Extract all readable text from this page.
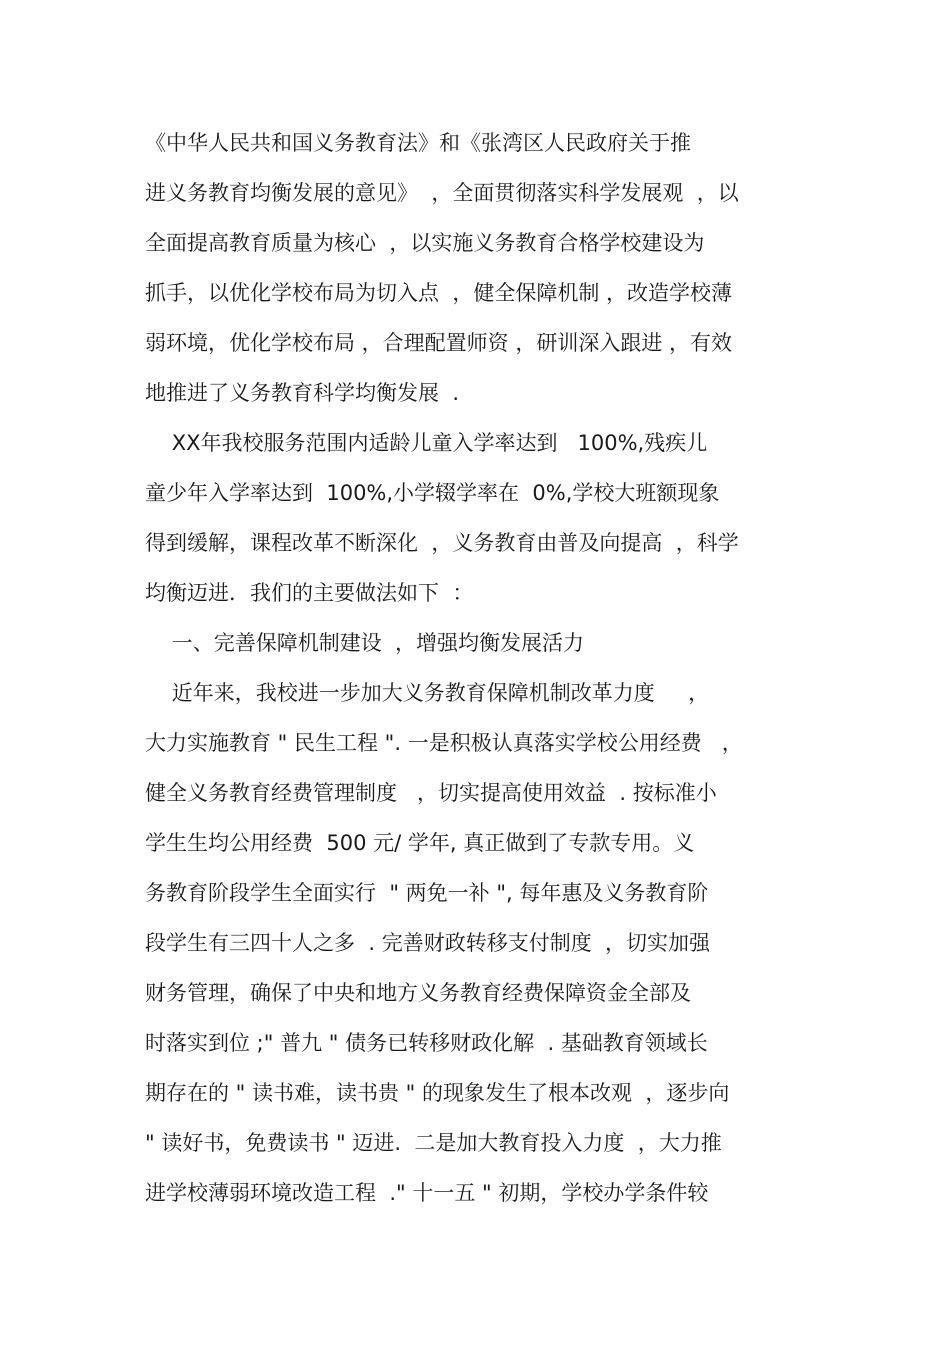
《中华人民共和国义务教育法》和《张湾区人民政府关于推
进义务教育均衡发展的意见》  ，全面贯彻落实科学发展观  ，以
全面提高教育质量为核心  ，以实施义务教育合格学校建设为
抓手，以优化学校布局为切入点  ，健全保障机制 ，改造学校薄
弱环境，优化学校布局 ，合理配置师资 ，研训深入跟进 ，有效
地推进了义务教育科学均衡发展  .
XX年我校服务范围内适龄儿童入学率达到   100%,残疾儿
童少年入学率达到  100%,小学辍学率在  0%,学校大班额现象
得到缓解，课程改革不断深化  ，义务教育由普及向提高  ，科学
均衡迈进．我们的主要做法如下  ：
一、完善保障机制建设  ，增强均衡发展活力
近年来，我校进一步加大义务教育保障机制改革力度     ，
大力实施教育 " 民生工程 ". 一是积极认真落实学校公用经费   ，
健全义务教育经费管理制度   ，切实提高使用效益  . 按标准小
学生生均公用经费  500 元/ 学年, 真正做到了专款专用。义
务教育阶段学生全面实行  " 两免一补 ", 每年惠及义务教育阶
段学生有三四十人之多  . 完善财政转移支付制度  ，切实加强
财务管理，确保了中央和地方义务教育经费保障资金全部及
时落实到位 ;" 普九 " 债务已转移财政化解  . 基础教育领域长
期存在的 " 读书难，读书贵 " 的现象发生了根本改观  ，逐步向
" 读好书，免费读书 " 迈进.  二是加大教育投入力度  ，大力推
进学校薄弱环境改造工程  ." 十一五 " 初期，学校办学条件较
